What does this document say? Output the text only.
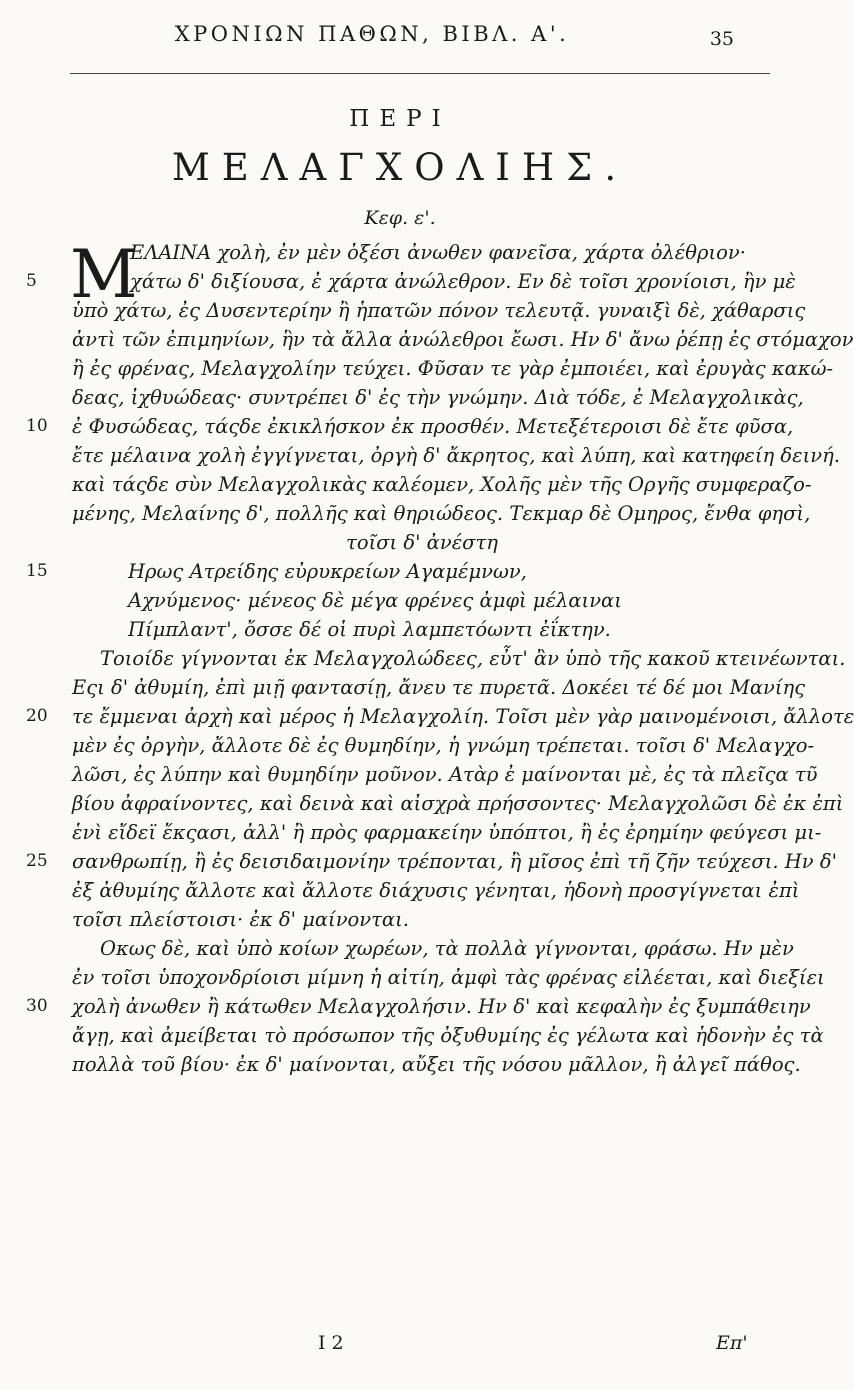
ΧΡΟΝΙΩΝ ΠΑΘΩΝ, ΒΙΒΛ. Α'.	35
ΠΕΡΙ
ΜΕΛΑΓΧΟΛΙΗΣ.
Κεφ. ε'.
Μ
ΕΛΑΙΝΑ χολὴ, ἐν μὲν ὀξέσι ἀνωθεν φανεῖσα, χάρτα ὀλέθριον·
5	χάτω δ' διξίουσα, ἐ χάρτα ἀνώλεθρον. Εν δὲ τοῖσι χρονίοισι, ἢν μὲ
ὑπὸ χάτω, ἐς Δυσεντερίην ἢ ἡπατῶν πόνον τελευτᾷ. γυναιξὶ δὲ, χάθαρσις
ἀντὶ τῶν ἐπιμηνίων, ἣν τὰ ἄλλα ἀνώλεθροι ἔωσι. Ην δ' ἄνω ῥέπῃ ἐς στόμαχον
ἢ ἐς φρένας, Μελαγχολίην τεύχει. Φῦσαν τε γὰρ ἐμποιέει, καὶ ἐρυγὰς κακώ-
δεας, ἰχθυώδεας· συντρέπει δ' ἐς τὴν γνώμην. Διὰ τόδε, ἐ Μελαγχολικὰς,
10 ἐ Φυσώδεας, τάςδε ἐκικλήσκον ἐκ προσθέν. Μετεξέτεροισι δὲ ἔτε φῦσα,
ἔτε μέλαινα χολὴ ἐγγίγνεται, ὀργὴ δ' ἄκρητος, καὶ λύπη, καὶ κατηφείη δεινή.
καὶ τάςδε σὺν Μελαγχολικὰς καλέομεν, Χολῆς μὲν τῆς Οργῆς συμφεραζο-
μένης, Μελαίνης δ', πολλῆς καὶ θηριώδεος. Τεκμαρ δὲ Ομηρος, ἔνθα φησὶ,
τοῖσι δ' ἀνέστη
15	Ηρως Ατρείδης εὐρυκρείων Αγαμέμνων,
Αχνύμενος· μένεος δὲ μέγα φρένες ἀμφὶ μέλαιναι
Πίμπλαντ', ὄσσε δέ οἱ πυρὶ λαμπετόωντι ἐΐκτην.
Τοιοίδε γίγνονται ἐκ Μελαγχολώδεες, εὖτ' ἂν ὑπὸ τῆς κακοῦ κτεινέωνται.
Εςι δ' ἀθυμίη, ἐπὶ μιῇ φαντασίῃ, ἄνευ τε πυρετᾶ. Δοκέει τέ δέ μοι Μανίης
20 τε ἔμμεναι ἀρχὴ καὶ μέρος ἡ Μελαγχολίη. Τοῖσι μὲν γὰρ μαινομένοισι, ἄλλοτε
μὲν ἐς ὀργὴν, ἄλλοτε δὲ ἐς θυμηδίην, ἡ γνώμη τρέπεται. τοῖσι δ' Μελαγχο-
λῶσι, ἐς λύπην καὶ θυμηδίην μοῦνον. Ατὰρ ἐ μαίνονται μὲ, ἐς τὰ πλεῖςα τῦ
βίου ἀφραίνοντες, καὶ δεινὰ καὶ αἰσχρὰ πρήσσοντες· Μελαγχολῶσι δὲ ἐκ ἐπὶ
ἑνὶ εἴδεϊ ἔκςασι, ἀλλ' ἢ πρὸς φαρμακείην ὑπόπτοι, ἢ ἐς ἐρημίην φεύγεσι μι-
25 σανθρωπίῃ, ἢ ἐς δεισιδαιμονίην τρέπονται, ἢ μῖσος ἐπὶ τῆ ζῆν τεύχεσι. Ην δ'
ἐξ ἀθυμίης ἄλλοτε καὶ ἄλλοτε διάχυσις γένηται, ἡδονὴ προσγίγνεται ἐπὶ
τοῖσι πλείστοισι· ἐκ δ' μαίνονται.
Οκως δὲ, καὶ ὑπὸ κοίων χωρέων, τὰ πολλὰ γίγνονται, φράσω. Ην μὲν
ἐν τοῖσι ὑποχονδρίοισι μίμνη ἡ αἰτίη, ἀμφὶ τὰς φρένας εἰλέεται, καὶ διεξίει
30 χολὴ ἀνωθεν ἢ κάτωθεν Μελαγχολήσιν. Ην δ' καὶ κεφαλὴν ἐς ξυμπάθειην
ἄγῃ, καὶ ἀμείβεται τὸ πρόσωπον τῆς ὀξυθυμίης ἐς γέλωτα καὶ ἡδονὴν ἐς τὰ
πολλὰ τοῦ βίου· ἐκ δ' μαίνονται, αὔξει τῆς νόσου μᾶλλον, ἢ ἀλγεῖ πάθος.
I 2	Επ'
